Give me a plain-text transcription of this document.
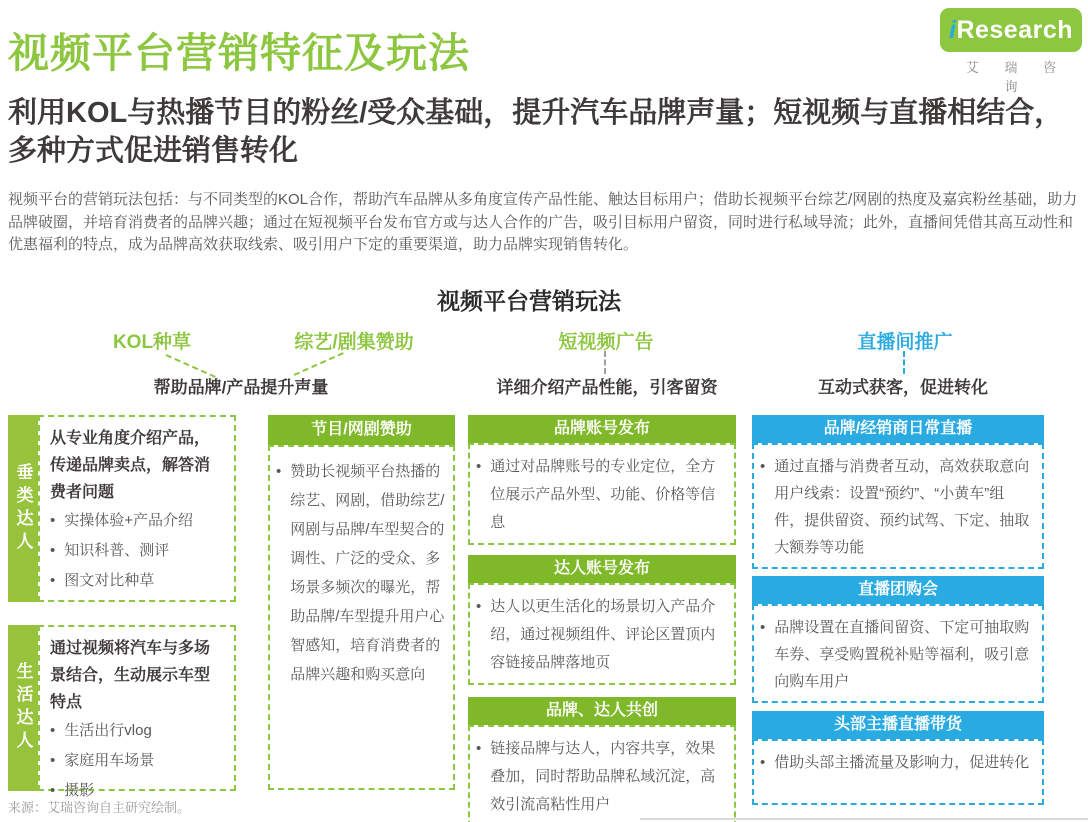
视频平台营销特征及玩法	iResearch
艾 瑞 咨 询
利用KOL与热播节目的粉丝/受众基础，提升汽车品牌声量；短视频与直播相结合，多种方式促进销售转化
视频平台的营销玩法包括：与不同类型的KOL合作，帮助汽车品牌从多角度宣传产品性能、触达目标用户；借助长视频平台综艺/网剧的热度及嘉宾粉丝基础，助力品牌破圈，并培育消费者的品牌兴趣；通过在短视频平台发布官方或与达人合作的广告，吸引目标用户留资，同时进行私域导流；此外，直播间凭借其高互动性和优惠福利的特点，成为品牌高效获取线索、吸引用户下定的重要渠道，助力品牌实现销售转化。
视频平台营销玩法
KOL种草	综艺/剧集赞助	短视频广告	直播间推广
帮助品牌/产品提升声量	详细介绍产品性能，引客留资	互动式获客，促进转化
垂类达人
从专业角度介绍产品，传递品牌卖点，解答消费者问题
•
实操体验+产品介绍
•
知识科普、测评
•
图文对比种草
生活达人
通过视频将汽车与多场景结合，生动展示车型特点
•
生活出行vlog
•
家庭用车场景
•
摄影
节目/网剧赞助
•
赞助长视频平台热播的综艺、网剧，借助综艺/网剧与品牌/车型契合的调性、广泛的受众、多场景多频次的曝光，帮助品牌/车型提升用户心智感知，培育消费者的品牌兴趣和购买意向
品牌账号发布
•
通过对品牌账号的专业定位，全方位展示产品外型、功能、价格等信息
达人账号发布
•
达人以更生活化的场景切入产品介绍，通过视频组件、评论区置顶内容链接品牌落地页
品牌、达人共创
•
链接品牌与达人，内容共享，效果叠加，同时帮助品牌私域沉淀，高效引流高粘性用户
品牌/经销商日常直播
•
通过直播与消费者互动，高效获取意向用户线索：设置“预约”、“小黄车”组件，提供留资、预约试驾、下定、抽取大额券等功能
直播团购会
•
品牌设置在直播间留资、下定可抽取购车券、享受购置税补贴等福利，吸引意向购车用户
头部主播直播带货
•
借助头部主播流量及影响力，促进转化
来源：艾瑞咨询自主研究绘制。
